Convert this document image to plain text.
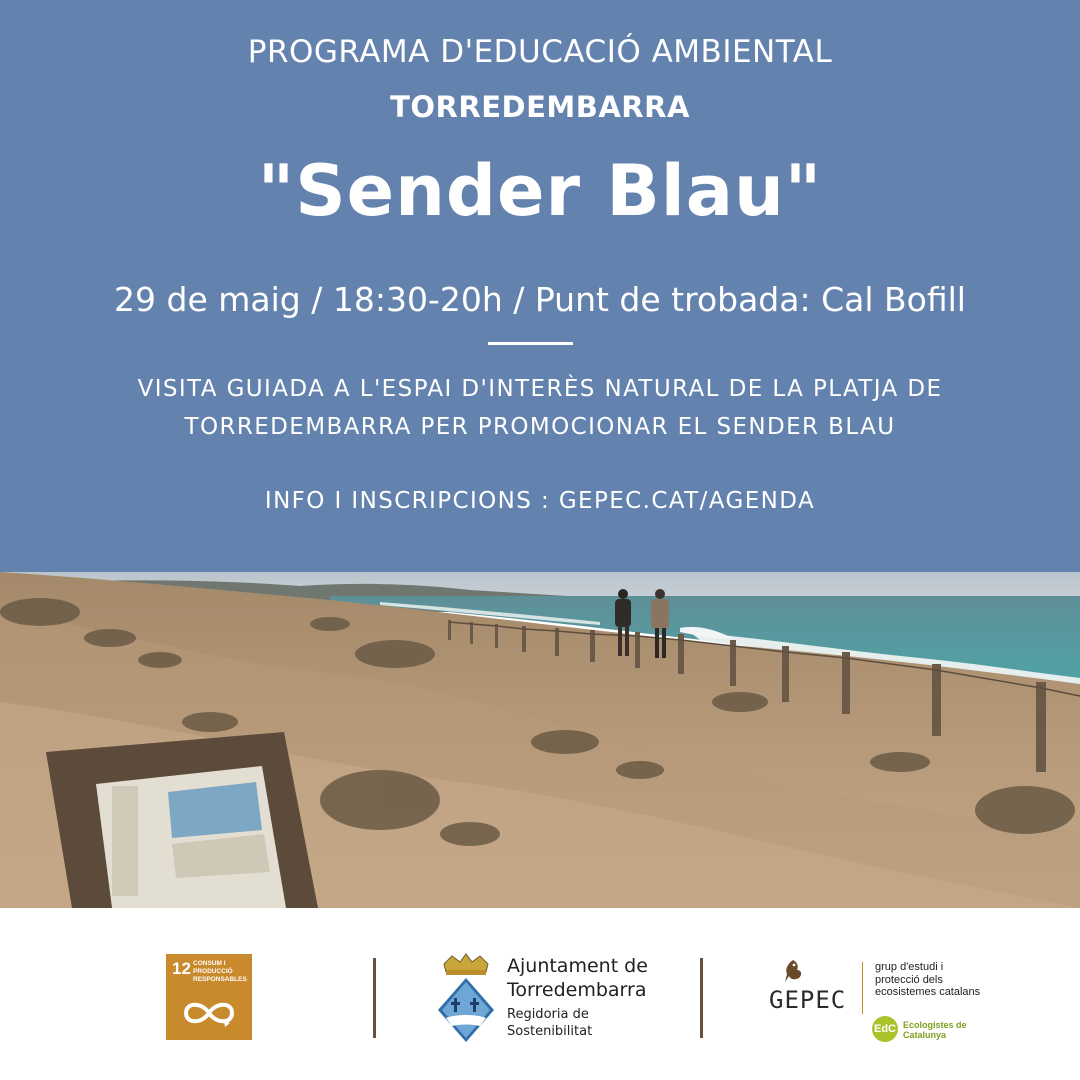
PROGRAMA D'EDUCACIÓ AMBIENTAL
TORREDEMBARRA
"Sender Blau"
29 de maig / 18:30-20h / Punt de trobada: Cal Bofill
VISITA GUIADA A L'ESPAI D'INTERÈS NATURAL DE LA PLATJA DE
TORREDEMBARRA PER PROMOCIONAR EL SENDER BLAU
INFO I INSCRIPCIONS : GEPEC.CAT/AGENDA
12 CONSUM I PRODUCCIÓ RESPONSABLES
Ajuntament de Torredembarra
Regidoria de Sostenibilitat
GEPEC
grup d'estudi i protecció dels ecosistemes catalans
EdC Ecologistes de Catalunya
